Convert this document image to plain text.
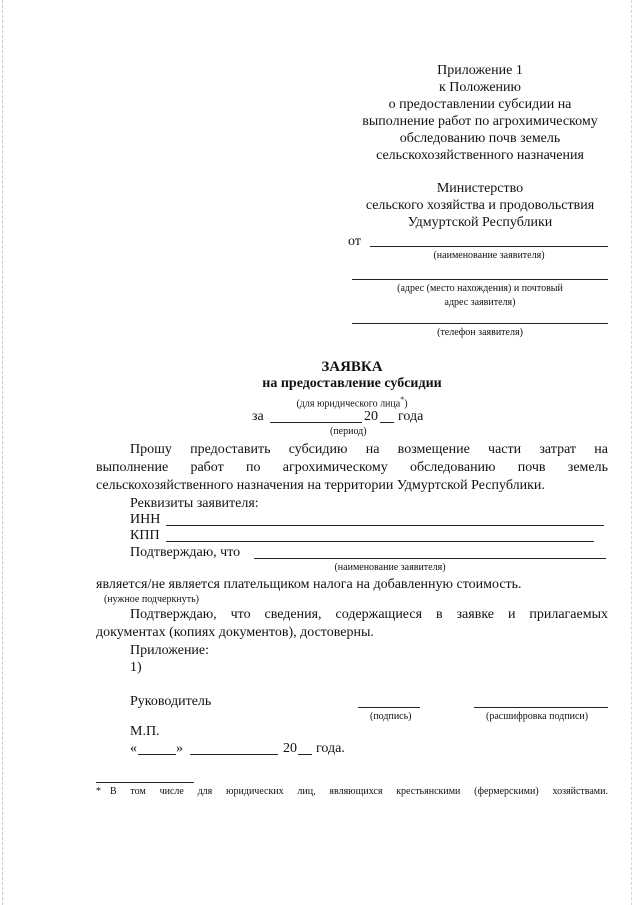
Приложение 1
к Положению
о предоставлении субсидии на
выполнение работ по агрохимическому
обследованию почв земель
сельскохозяйственного назначения
Министерство
сельского хозяйства и продовольствия
Удмуртской Республики
от
(наименование заявителя)
(адрес (место нахождения) и почтовый
адрес заявителя)
(телефон заявителя)
ЗАЯВКА
на предоставление субсидии
(для юридического лица*)
за	20 года
(период)
Прошу предоставить субсидию на возмещение части затрат на
выполнение работ по агрохимическому обследованию почв земель
сельскохозяйственного назначения на территории Удмуртской Республики.
Реквизиты заявителя:
ИНН
КПП
Подтверждаю, что
(наименование заявителя)
является/не является плательщиком налога на добавленную стоимость.
(нужное подчеркнуть)
Подтверждаю, что сведения, содержащиеся в заявке и прилагаемых
документах (копиях документов), достоверны.
Приложение:
1)
Руководитель
(подпись)	(расшифровка подписи)
М.П.
«	»	20 года.
* В том числе для юридических лиц, являющихся крестьянскими (фермерскими) хозяйствами.
